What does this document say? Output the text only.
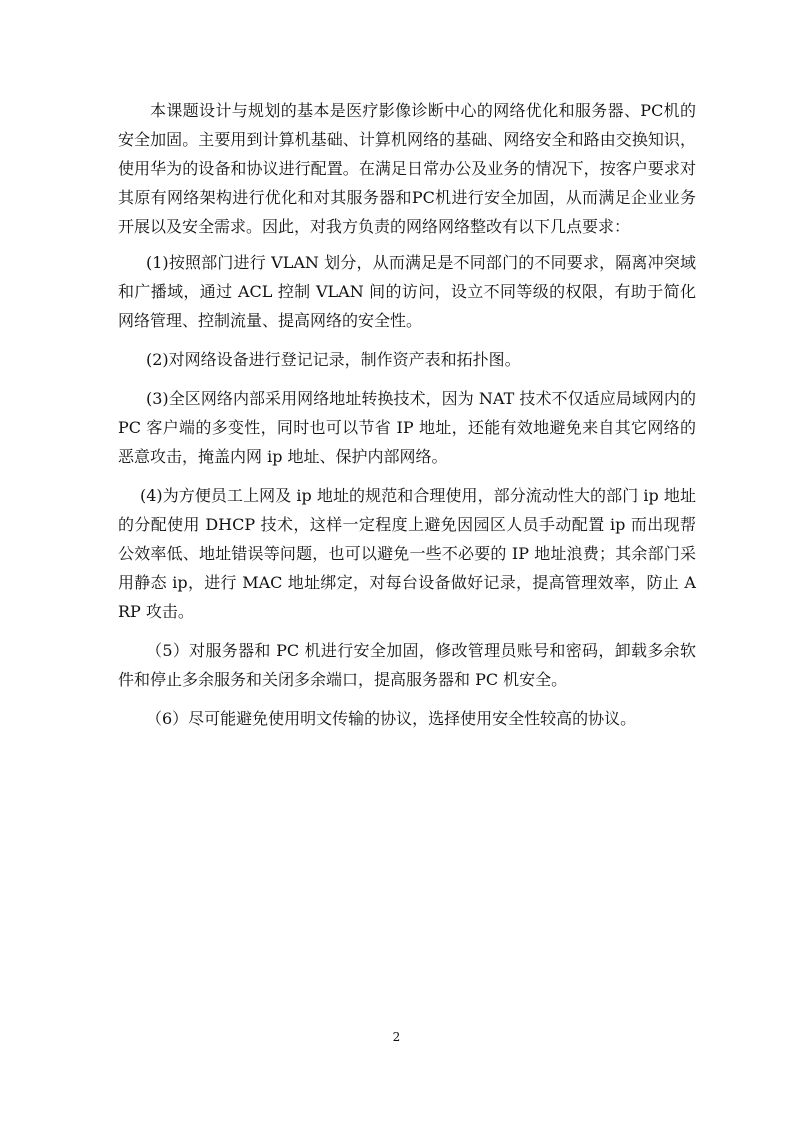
本课题设计与规划的基本是医疗影像诊断中心的网络优化和服务器、PC机的安全加固。主要用到计算机基础、计算机网络的基础、网络安全和路由交换知识，使用华为的设备和协议进行配置。在满足日常办公及业务的情况下，按客户要求对其原有网络架构进行优化和对其服务器和PC机进行安全加固，从而满足企业业务开展以及安全需求。因此，对我方负责的网络网络整改有以下几点要求：

(1)按照部门进行 VLAN 划分，从而满足是不同部门的不同要求，隔离冲突域和广播域，通过 ACL 控制 VLAN 间的访问，设立不同等级的权限，有助于简化网络管理、控制流量、提高网络的安全性。

(2)对网络设备进行登记记录，制作资产表和拓扑图。

(3)全区网络内部采用网络地址转换技术，因为 NAT 技术不仅适应局域网内的 PC 客户端的多变性，同时也可以节省 IP 地址，还能有效地避免来自其它网络的恶意攻击，掩盖内网 ip 地址、保护内部网络。

(4)为方便员工上网及 ip 地址的规范和合理使用，部分流动性大的部门 ip 地址的分配使用 DHCP 技术，这样一定程度上避免因园区人员手动配置 ip 而出现帮公效率低、地址错误等问题，也可以避免一些不必要的 IP 地址浪费；其余部门采用静态 ip，进行 MAC 地址绑定，对每台设备做好记录，提高管理效率，防止 ARP 攻击。

（5）对服务器和 PC 机进行安全加固，修改管理员账号和密码，卸载多余软件和停止多余服务和关闭多余端口，提高服务器和 PC 机安全。

（6）尽可能避免使用明文传输的协议，选择使用安全性较高的协议。

2
